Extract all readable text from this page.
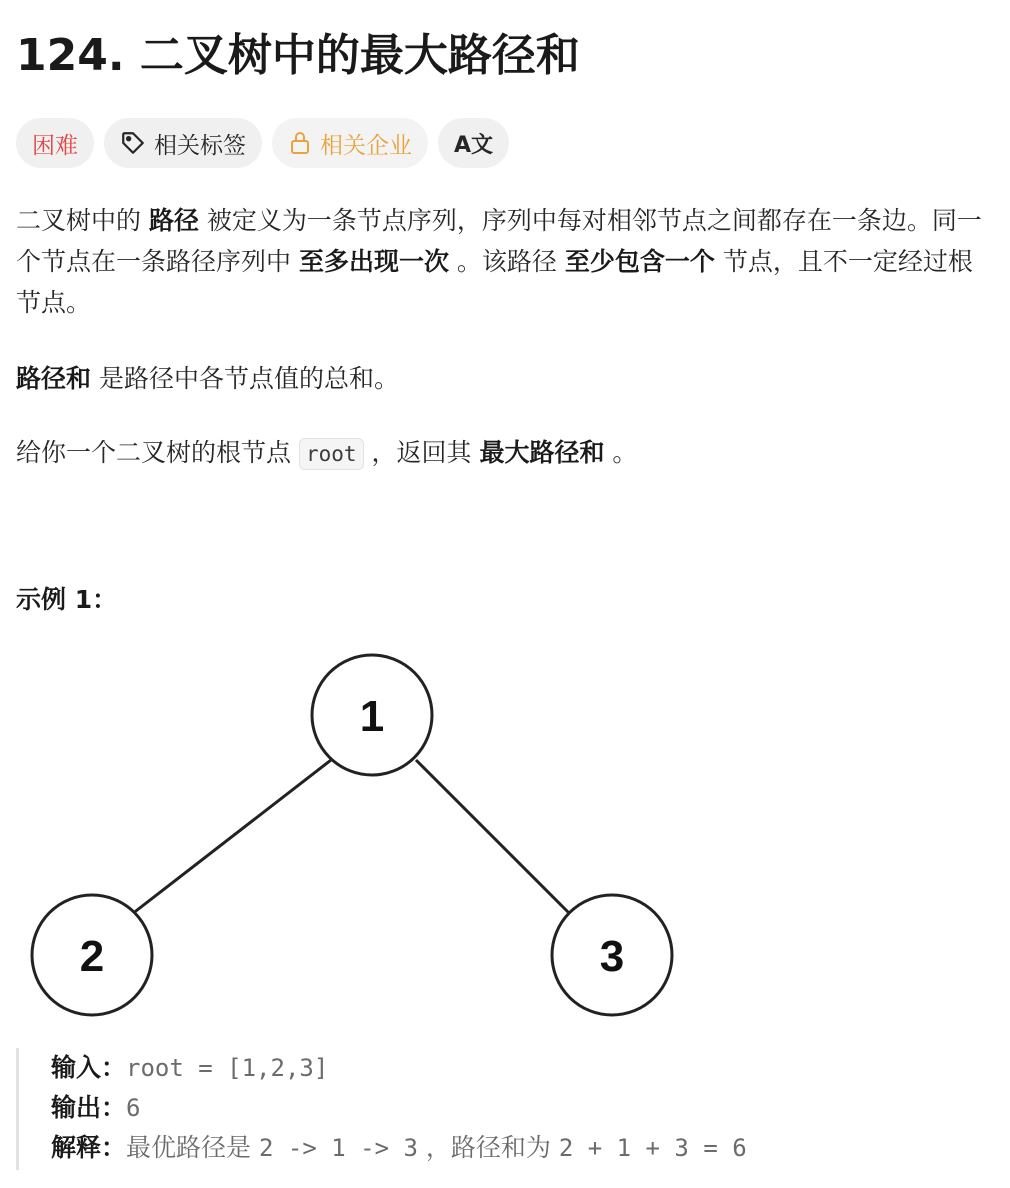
124. 二叉树中的最大路径和
困难	相关标签	相关企业 A文
二叉树中的 路径 被定义为一条节点序列，序列中每对相邻节点之间都存在一条边。同一个节点在一条路径序列中 至多出现一次 。该路径 至少包含一个 节点，且不一定经过根节点。
路径和 是路径中各节点值的总和。
给你一个二叉树的根节点 root ，返回其 最大路径和 。
示例 1：
1
2	3
输入：root = [1,2,3]
输出：6
解释：最优路径是 2 -> 1 -> 3 ，路径和为 2 + 1 + 3 = 6
